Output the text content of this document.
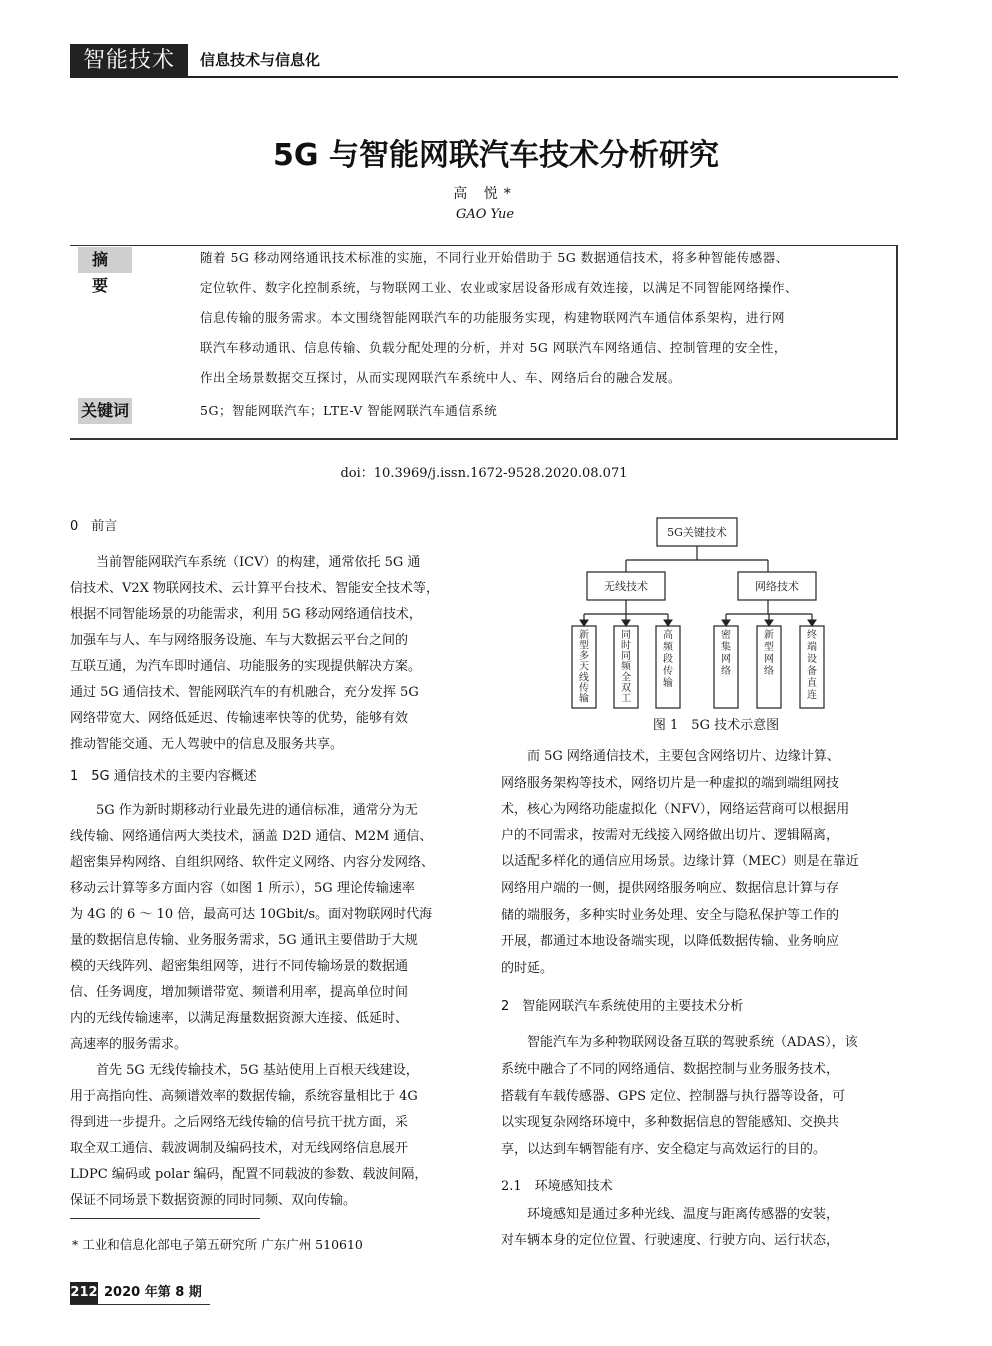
智能技术	信息技术与信息化
5G 与智能网联汽车技术分析研究
高 悦*
GAO Yue
摘 要
随着 5G 移动网络通讯技术标准的实施，不同行业开始借助于 5G 数据通信技术，将多种智能传感器、
定位软件、数字化控制系统，与物联网工业、农业或家居设备形成有效连接，以满足不同智能网络操作、
信息传输的服务需求。本文围绕智能网联汽车的功能服务实现，构建物联网汽车通信体系架构，进行网
联汽车移动通讯、信息传输、负载分配处理的分析，并对 5G 网联汽车网络通信、控制管理的安全性，
作出全场景数据交互探讨，从而实现网联汽车系统中人、车、网络后台的融合发展。
关键词	5G；智能网联汽车；LTE-V 智能网联汽车通信系统
doi：10.3969/j.issn.1672-9528.2020.08.071
0　前言
　　当前智能网联汽车系统（ICV）的构建，通常依托 5G 通
信技术、V2X 物联网技术、云计算平台技术、智能安全技术等，
根据不同智能场景的功能需求，利用 5G 移动网络通信技术，
加强车与人、车与网络服务设施、车与大数据云平台之间的
互联互通，为汽车即时通信、功能服务的实现提供解决方案。
通过 5G 通信技术、智能网联汽车的有机融合，充分发挥 5G
网络带宽大、网络低延迟、传输速率快等的优势，能够有效
推动智能交通、无人驾驶中的信息及服务共享。
1　5G 通信技术的主要内容概述
　　5G 作为新时期移动行业最先进的通信标准，通常分为无
线传输、网络通信两大类技术，涵盖 D2D 通信、M2M 通信、
超密集异构网络、自组织网络、软件定义网络、内容分发网络、
移动云计算等多方面内容（如图 1 所示），5G 理论传输速率
为 4G 的 6 ～ 10 倍，最高可达 10Gbit/s。面对物联网时代海
量的数据信息传输、业务服务需求，5G 通讯主要借助于大规
模的天线阵列、超密集组网等，进行不同传输场景的数据通
信、任务调度，增加频谱带宽、频谱利用率，提高单位时间
内的无线传输速率，以满足海量数据资源大连接、低延时、
高速率的服务需求。
　　首先 5G 无线传输技术，5G 基站使用上百根天线建设，
用于高指向性、高频谱效率的数据传输，系统容量相比于 4G
得到进一步提升。之后网络无线传输的信号抗干扰方面，采
取全双工通信、载波调制及编码技术，对无线网络信息展开
LDPC 编码或 polar 编码，配置不同载波的参数、载波间隔，
保证不同场景下数据资源的同时同频、双向传输。
5G关键技术
无线技术	网络技术
新型多天线传输
同时同频全双工
高频段传输
密集网络
新型网络
终端设备直连
图 1　5G 技术示意图
　　而 5G 网络通信技术，主要包含网络切片、边缘计算、
网络服务架构等技术，网络切片是一种虚拟的端到端组网技
术，核心为网络功能虚拟化（NFV），网络运营商可以根据用
户的不同需求，按需对无线接入网络做出切片、逻辑隔离，
以适配多样化的通信应用场景。边缘计算（MEC）则是在靠近
网络用户端的一侧，提供网络服务响应、数据信息计算与存
储的端服务，多种实时业务处理、安全与隐私保护等工作的
开展，都通过本地设备端实现，以降低数据传输、业务响应
的时延。
2　智能网联汽车系统使用的主要技术分析
　　智能汽车为多种物联网设备互联的驾驶系统（ADAS），该
系统中融合了不同的网络通信、数据控制与业务服务技术，
搭载有车载传感器、GPS 定位、控制器与执行器等设备，可
以实现复杂网络环境中，多种数据信息的智能感知、交换共
享，以达到车辆智能有序、安全稳定与高效运行的目的。
2.1　环境感知技术
　　环境感知是通过多种光线、温度与距离传感器的安装，
对车辆本身的定位位置、行驶速度、行驶方向、运行状态，
* 工业和信息化部电子第五研究所 广东广州 510610
212 2020 年第 8 期
